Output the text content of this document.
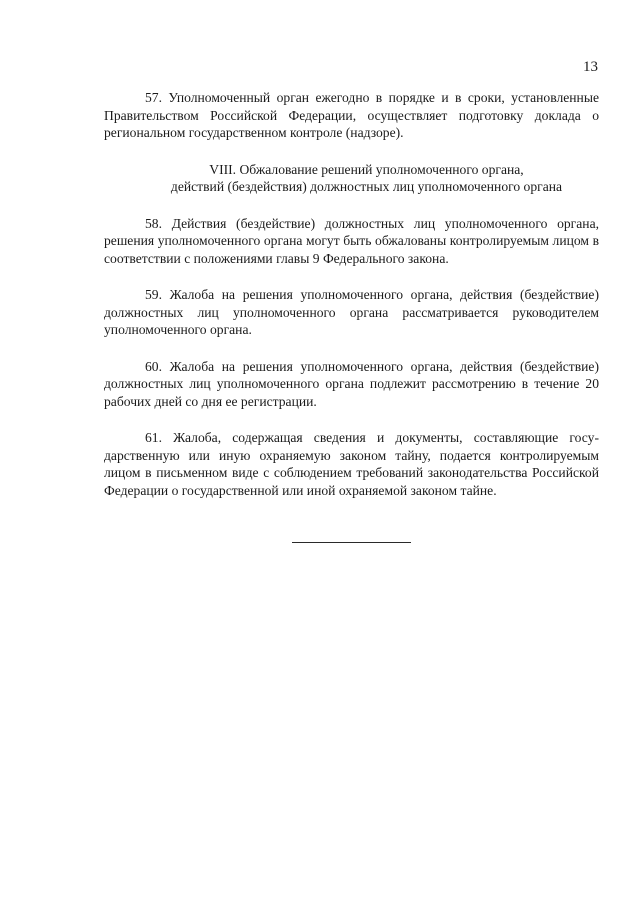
13

57. Уполномоченный орган ежегодно в порядке и в сроки, установленные Правительством Российской Федерации, осуществляет подготовку доклада о региональном государственном контроле (надзоре).

VIII. Обжалование решений уполномоченного органа,
действий (бездействия) должностных лиц уполномоченного органа

58. Действия (бездействие) должностных лиц уполномоченного органа, решения уполномоченного органа могут быть обжалованы контролируемым лицом в соответствии с положениями главы 9 Федерального закона.

59. Жалоба на решения уполномоченного органа, действия (бездействие) должностных лиц уполномоченного органа рассматривается руководителем уполномоченного органа.

60. Жалоба на решения уполномоченного органа, действия (бездействие) должностных лиц уполномоченного органа подлежит рассмотрению в течение 20 рабочих дней со дня ее регистрации.

61. Жалоба, содержащая сведения и документы, составляющие государственную или иную охраняемую законом тайну, подается контролируемым лицом в письменном виде с соблюдением требований законодательства Российской Федерации о государственной или иной охраняемой законом тайне.
